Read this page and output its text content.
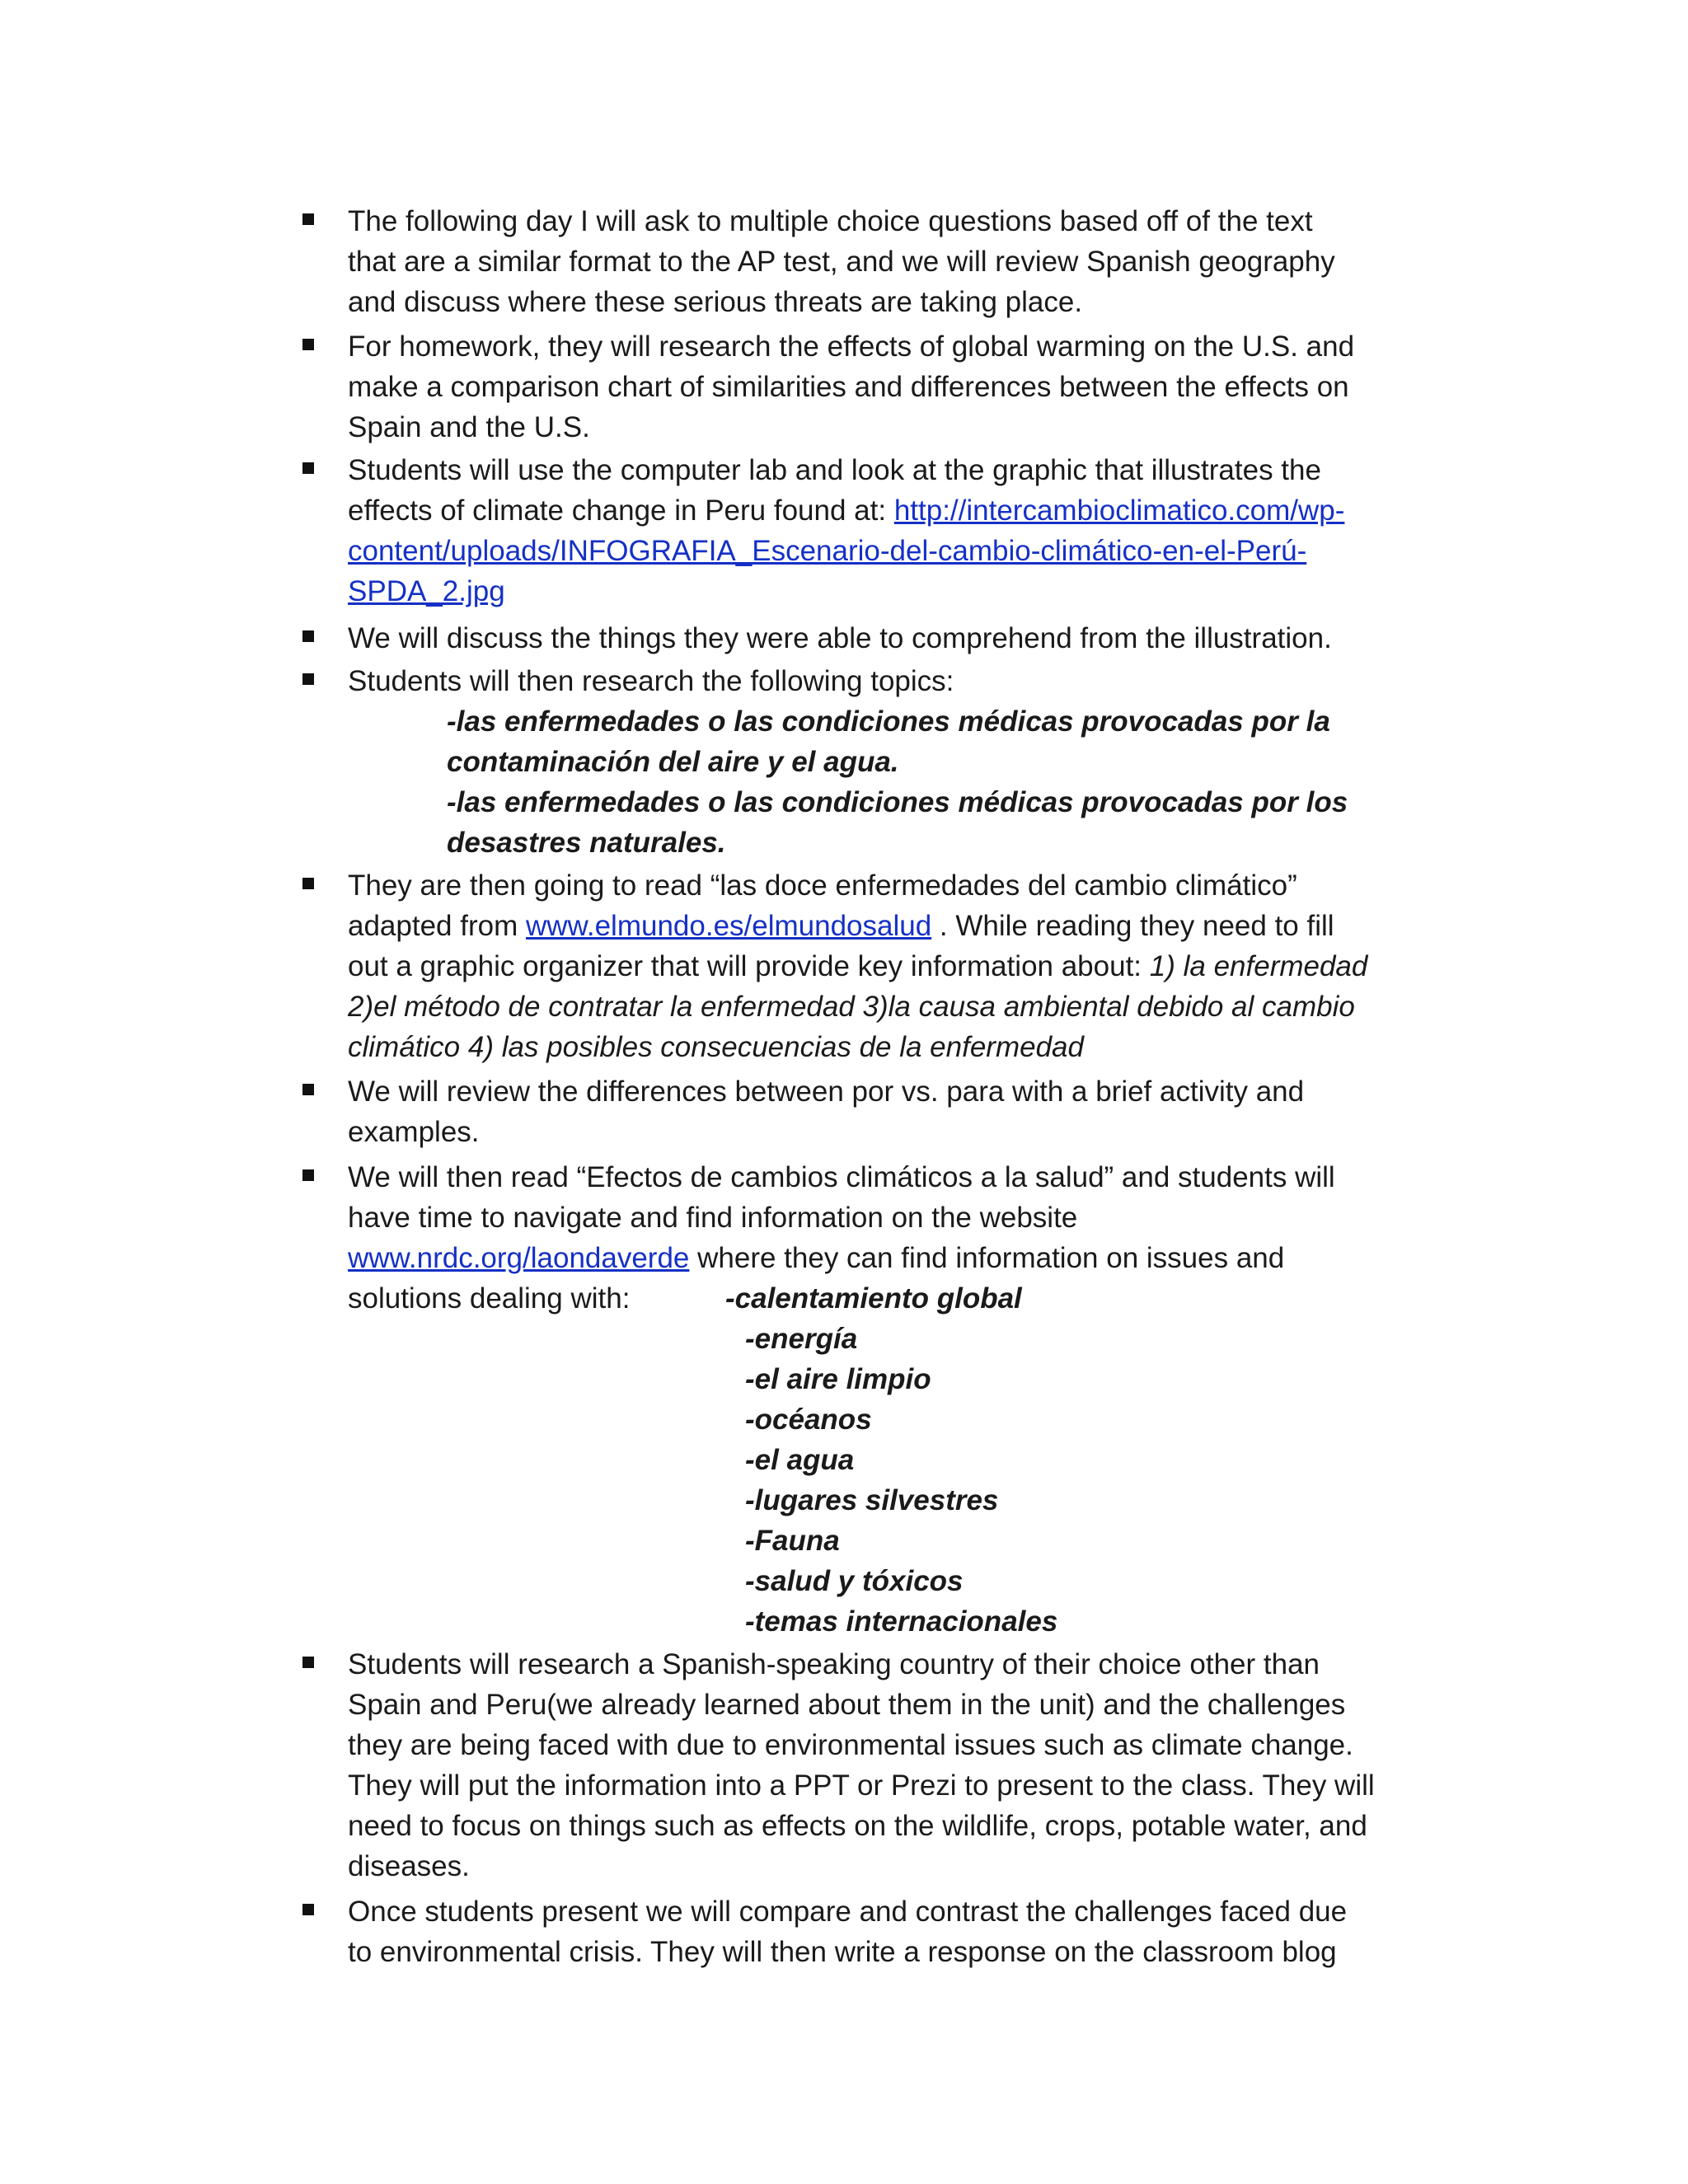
The following day I will ask to multiple choice questions based off of the text
that are a similar format to the AP test, and we will review Spanish geography
and discuss where these serious threats are taking place.
For homework, they will research the effects of global warming on the U.S. and
make a comparison chart of similarities and differences between the effects on
Spain and the U.S.
Students will use the computer lab and look at the graphic that illustrates the
effects of climate change in Peru found at: http://intercambioclimatico.com/wp-
content/uploads/INFOGRAFIA_Escenario-del-cambio-climático-en-el-Perú-
SPDA_2.jpg
We will discuss the things they were able to comprehend from the illustration.
Students will then research the following topics:
-las enfermedades o las condiciones médicas provocadas por la
contaminación del aire y el agua.
-las enfermedades o las condiciones médicas provocadas por los
desastres naturales.
They are then going to read “las doce enfermedades del cambio climático”
adapted from www.elmundo.es/elmundosalud . While reading they need to fill
out a graphic organizer that will provide key information about: 1) la enfermedad
2)el método de contratar la enfermedad 3)la causa ambiental debido al cambio
climático 4) las posibles consecuencias de la enfermedad
We will review the differences between por vs. para with a brief activity and
examples.
We will then read “Efectos de cambios climáticos a la salud” and students will
have time to navigate and find information on the website
www.nrdc.org/laondaverde where they can find information on issues and
solutions dealing with:	-calentamiento global
-energía
-el aire limpio
-océanos
-el agua
-lugares silvestres
-Fauna
-salud y tóxicos
-temas internacionales
Students will research a Spanish-speaking country of their choice other than
Spain and Peru(we already learned about them in the unit) and the challenges
they are being faced with due to environmental issues such as climate change.
They will put the information into a PPT or Prezi to present to the class. They will
need to focus on things such as effects on the wildlife, crops, potable water, and
diseases.
Once students present we will compare and contrast the challenges faced due
to environmental crisis. They will then write a response on the classroom blog
